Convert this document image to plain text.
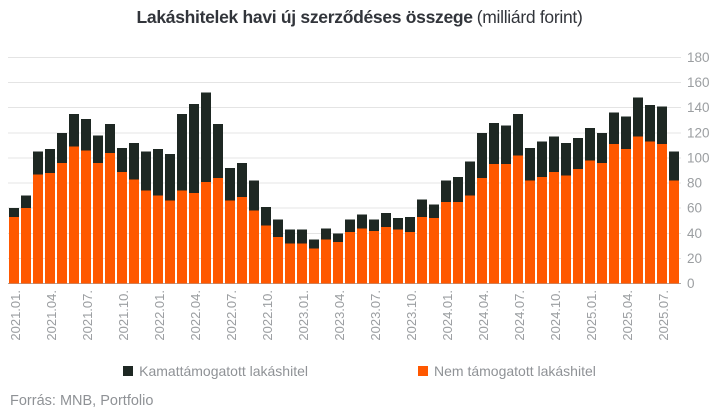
Lakáshitelek havi új szerződéses összege (milliárd forint)
0
20
40
60
80
100
120
140
160
180
2021.01. 2021.04. 2021.07. 2021.10. 2022.01. 2022.04. 2022.07. 2022.10. 2023.01. 2023.04. 2023.07. 2023.10. 2024.01. 2024.04. 2024.07. 2024.10. 2025.01. 2025.04. 2025.07.
Kamattámogatott lakáshitel	Nem támogatott lakáshitel
Forrás: MNB, Portfolio
